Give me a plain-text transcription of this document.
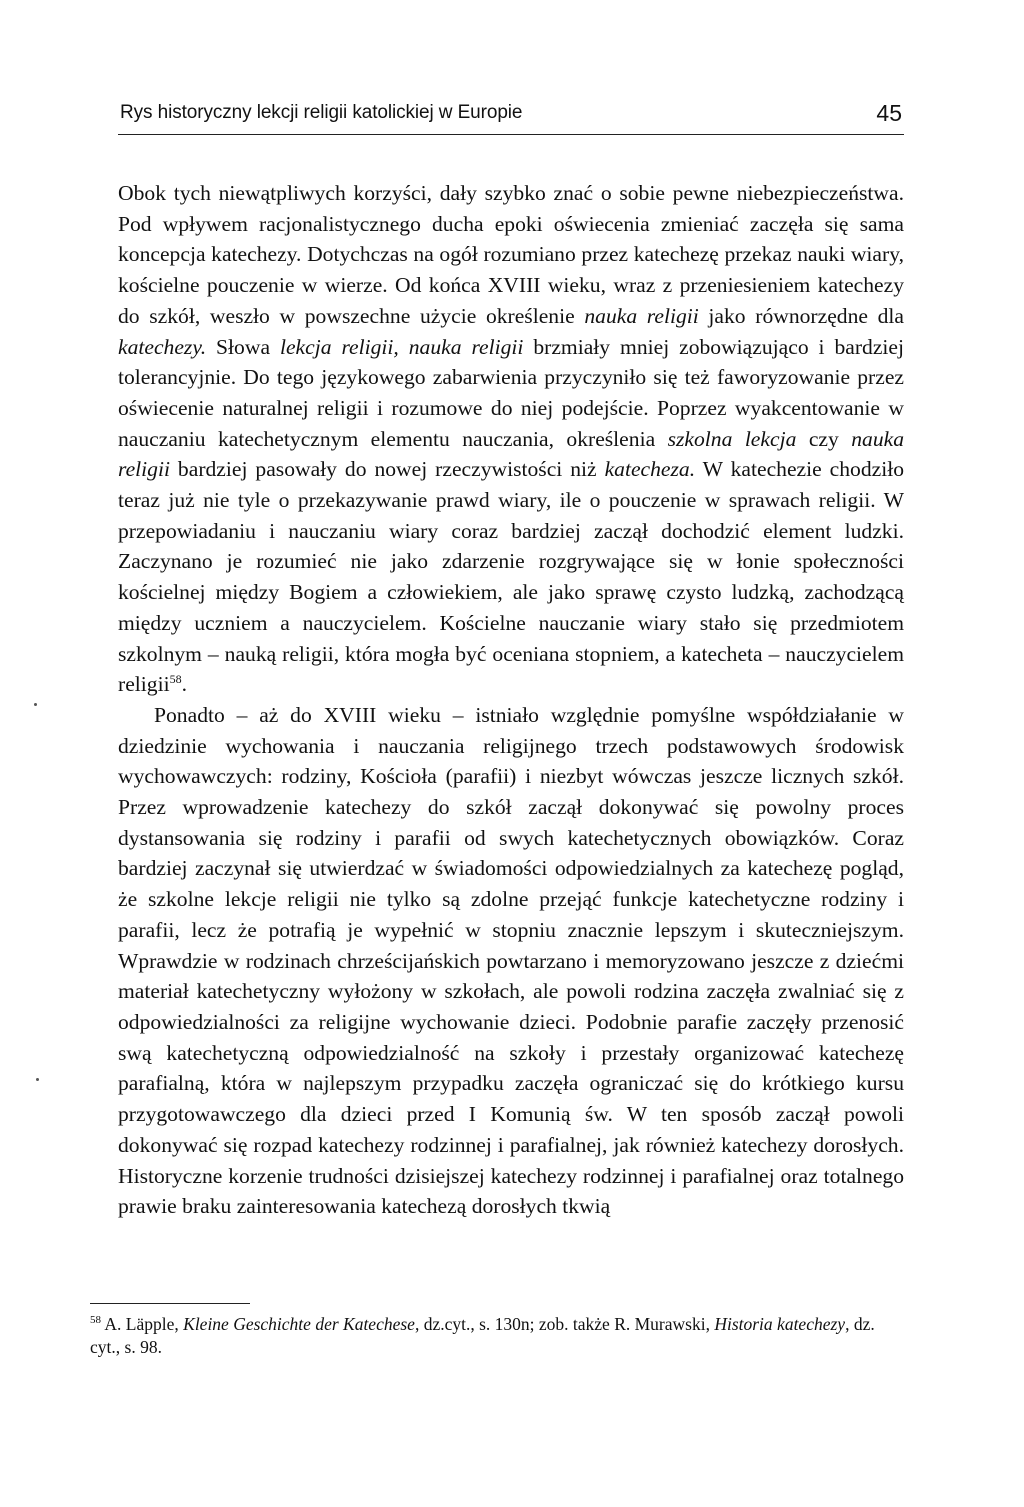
Rys historyczny lekcji religii katolickiej w Europie	45

Obok tych niewątpliwych korzyści, dały szybko znać o sobie pewne niebezpieczeństwa. Pod wpływem racjonalistycznego ducha epoki oświecenia zmieniać zaczęła się sama koncepcja katechezy. Dotychczas na ogół rozumiano przez katechezę przekaz nauki wiary, kościelne pouczenie w wierze. Od końca XVIII wieku, wraz z przeniesieniem katechezy do szkół, weszło w powszechne użycie określenie nauka religii jako równorzędne dla katechezy. Słowa lekcja religii, nauka religii brzmiały mniej zobowiązująco i bardziej tolerancyjnie. Do tego językowego zabarwienia przyczyniło się też faworyzowanie przez oświecenie naturalnej religii i rozumowe do niej podejście. Poprzez wyakcentowanie w nauczaniu katechetycznym elementu nauczania, określenia szkolna lekcja czy nauka religii bardziej pasowały do nowej rzeczywistości niż katecheza. W katechezie chodziło teraz już nie tyle o przekazywanie prawd wiary, ile o pouczenie w sprawach religii. W przepowiadaniu i nauczaniu wiary coraz bardziej zaczął dochodzić element ludzki. Zaczynano je rozumieć nie jako zdarzenie rozgrywające się w łonie społeczności kościelnej między Bogiem a człowiekiem, ale jako sprawę czysto ludzką, zachodzącą między uczniem a nauczycielem. Kościelne nauczanie wiary stało się przedmiotem szkolnym – nauką religii, która mogła być oceniana stopniem, a katecheta – nauczycielem religii$^{58}$.

Ponadto – aż do XVIII wieku – istniało względnie pomyślne współdziałanie w dziedzinie wychowania i nauczania religijnego trzech podstawowych środowisk wychowawczych: rodziny, Kościoła (parafii) i niezbyt wówczas jeszcze licznych szkół. Przez wprowadzenie katechezy do szkół zaczął dokonywać się powolny proces dystansowania się rodziny i parafii od swych katechetycznych obowiązków. Coraz bardziej zaczynał się utwierdzać w świadomości odpowiedzialnych za katechezę pogląd, że szkolne lekcje religii nie tylko są zdolne przejąć funkcje katechetyczne rodziny i parafii, lecz że potrafią je wypełnić w stopniu znacznie lepszym i skuteczniejszym. Wprawdzie w rodzinach chrześcijańskich powtarzano i memoryzowano jeszcze z dziećmi materiał katechetyczny wyłożony w szkołach, ale powoli rodzina zaczęła zwalniać się z odpowiedzialności za religijne wychowanie dzieci. Podobnie parafie zaczęły przenosić swą katechetyczną odpowiedzialność na szkoły i przestały organizować katechezę parafialną, która w najlepszym przypadku zaczęła ograniczać się do krótkiego kursu przygotowawczego dla dzieci przed I Komunią św. W ten sposób zaczął powoli dokonywać się rozpad katechezy rodzinnej i parafialnej, jak również katechezy dorosłych. Historyczne korzenie trudności dzisiejszej katechezy rodzinnej i parafialnej oraz totalnego prawie braku zainteresowania katechezą dorosłych tkwią

$^{58}$ A. Läpple, Kleine Geschichte der Katechese, dz.cyt., s. 130n; zob. także R. Murawski, Historia katechezy, dz. cyt., s. 98.
